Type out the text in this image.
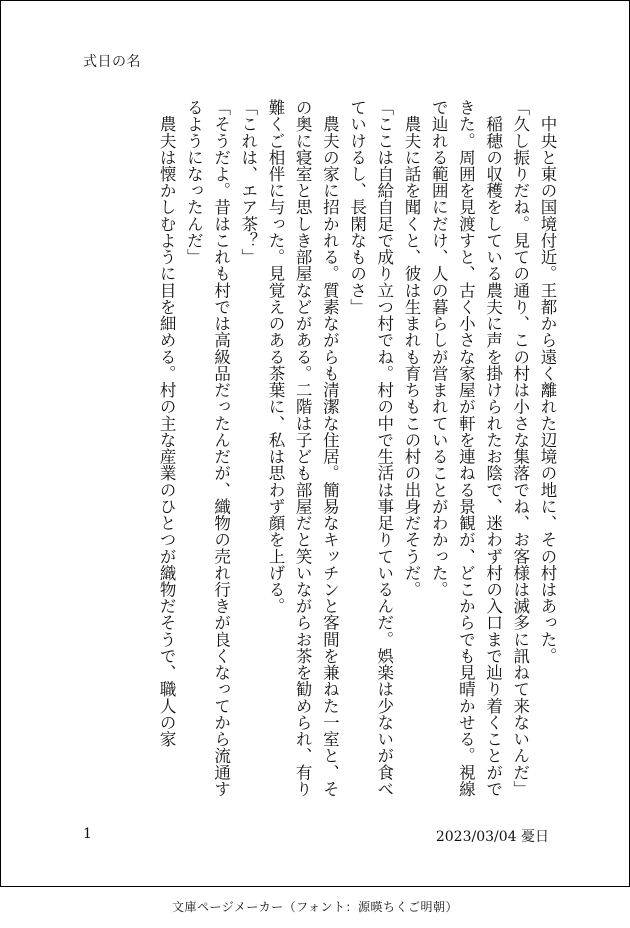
式日の名

　中央と東の国境付近。王都から遠く離れた辺境の地に、その村はあった。

「久し振りだね。見ての通り、この村は小さな集落でね、お客様は滅多に訊ねて来ないんだ」

　稲穂の収穫をしている農夫に声を掛けられたお陰で、迷わず村の入口まで辿り着くことができた。周囲を見渡すと、古く小さな家屋が軒を連ねる景観が、どこからでも見晴かせる。視線で辿れる範囲にだけ、人の暮らしが営まれていることがわかった。

　農夫に話を聞くと、彼は生まれも育ちもこの村の出身だそうだ。

「ここは自給自足で成り立つ村でね。村の中で生活は事足りているんだ。娯楽は少ないが食べていけるし、長閑なものさ」

　農夫の家に招かれる。質素ながらも清潔な住居。簡易なキッチンと客間を兼ねた一室と、その奥に寝室と思しき部屋などがある。二階は子ども部屋だと笑いながらお茶を勧められ、有り難くご相伴に与った。見覚えのある茶葉に、私は思わず顔を上げる。

「これは、エア茶？」

「そうだよ。昔はこれも村では高級品だったんだが、織物の売れ行きが良くなってから流通するようになったんだ」

　農夫は懐かしむように目を細める。村の主な産業のひとつが織物だそうで、職人の家

1	2023/03/04 憂日
文庫ページメーカー（フォント：源暎ちくご明朝）
